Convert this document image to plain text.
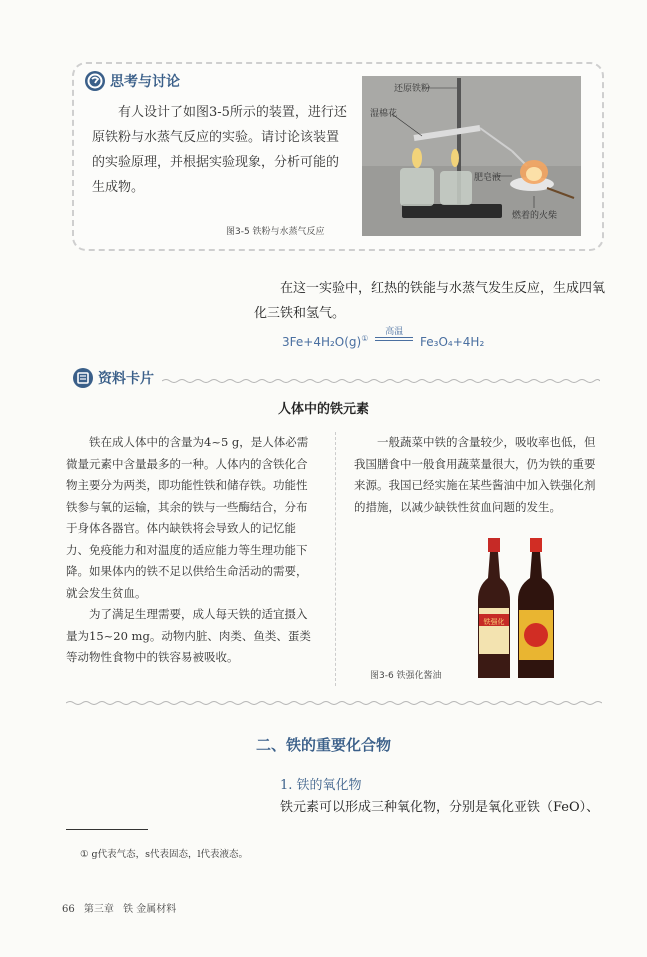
思考与讨论
有人设计了如图3-5所示的装置，进行还原铁粉与水蒸气反应的实验。请讨论该装置的实验原理，并根据实验现象，分析可能的生成物。
还原铁粉
湿棉花
肥皂液
燃着的火柴
图3-5 铁粉与水蒸气反应
在这一实验中，红热的铁能与水蒸气发生反应，生成四氧化三铁和氢气。
3Fe+4H₂O(g)①
高温
Fe₃O₄+4H₂
资料卡片
人体中的铁元素

铁在成人体中的含量为4~5 g，是人体必需微量元素中含量最多的一种。人体内的含铁化合物主要分为两类，即功能性铁和储存铁。功能性铁参与氧的运输，其余的铁与一些酶结合，分布于身体各器官。体内缺铁将会导致人的记忆能力、免疫能力和对温度的适应能力等生理功能下降。如果体内的铁不足以供给生命活动的需要，就会发生贫血。

为了满足生理需要，成人每天铁的适宜摄入量为15~20 mg。动物内脏、肉类、鱼类、蛋类等动物性食物中的铁容易被吸收。

一般蔬菜中铁的含量较少，吸收率也低，但我国膳食中一般食用蔬菜量很大，仍为铁的重要来源。我国已经实施在某些酱油中加入铁强化剂的措施，以减少缺铁性贫血问题的发生。

铁强化
图3-6 铁强化酱油
二、铁的重要化合物
1. 铁的氧化物
铁元素可以形成三种氧化物，分别是氧化亚铁（FeO）、
① g代表气态，s代表固态，l代表液态。
66 第三章 铁 金属材料
